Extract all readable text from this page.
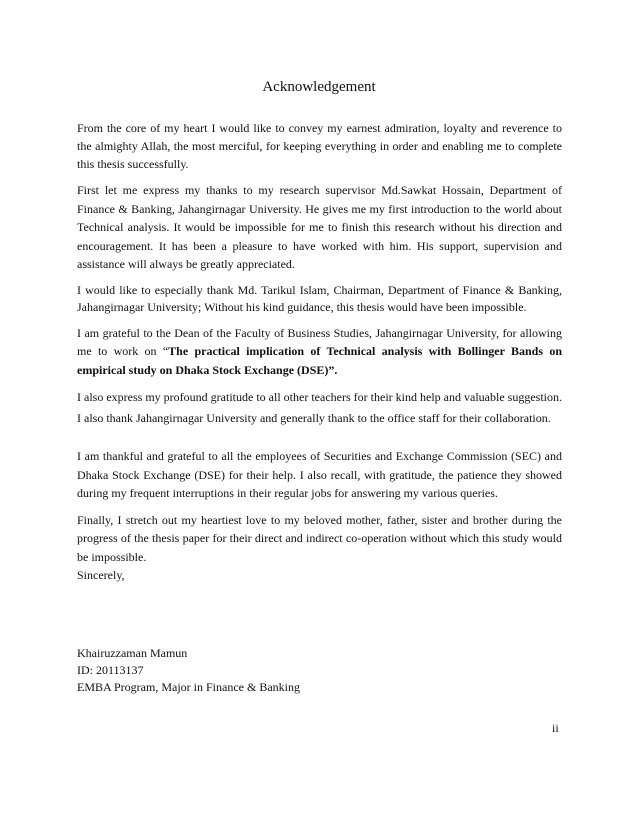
Acknowledgement

From the core of my heart I would like to convey my earnest admiration, loyalty and reverence to the almighty Allah, the most merciful, for keeping everything in order and enabling me to complete this thesis successfully.

First let me express my thanks to my research supervisor Md.Sawkat Hossain, Department of Finance & Banking, Jahangirnagar University. He gives me my first introduction to the world about Technical analysis. It would be impossible for me to finish this research without his direction and encouragement. It has been a pleasure to have worked with him. His support, supervision and assistance will always be greatly appreciated.

I would like to especially thank Md. Tarikul Islam, Chairman, Department of Finance & Banking, Jahangirnagar University; Without his kind guidance, this thesis would have been impossible.

I am grateful to the Dean of the Faculty of Business Studies, Jahangirnagar University, for allowing me to work on “The practical implication of Technical analysis with Bollinger Bands on empirical study on Dhaka Stock Exchange (DSE)”.

I also express my profound gratitude to all other teachers for their kind help and valuable suggestion. I also thank Jahangirnagar University and generally thank to the office staff for their collaboration.

I am thankful and grateful to all the employees of Securities and Exchange Commission (SEC) and Dhaka Stock Exchange (DSE) for their help. I also recall, with gratitude, the patience they showed during my frequent interruptions in their regular jobs for answering my various queries.

Finally, I stretch out my heartiest love to my beloved mother, father, sister and brother during the progress of the thesis paper for their direct and indirect co-operation without which this study would be impossible.

Sincerely,
Khairuzzaman Mamun
ID: 20113137
EMBA Program, Major in Finance & Banking
ii
